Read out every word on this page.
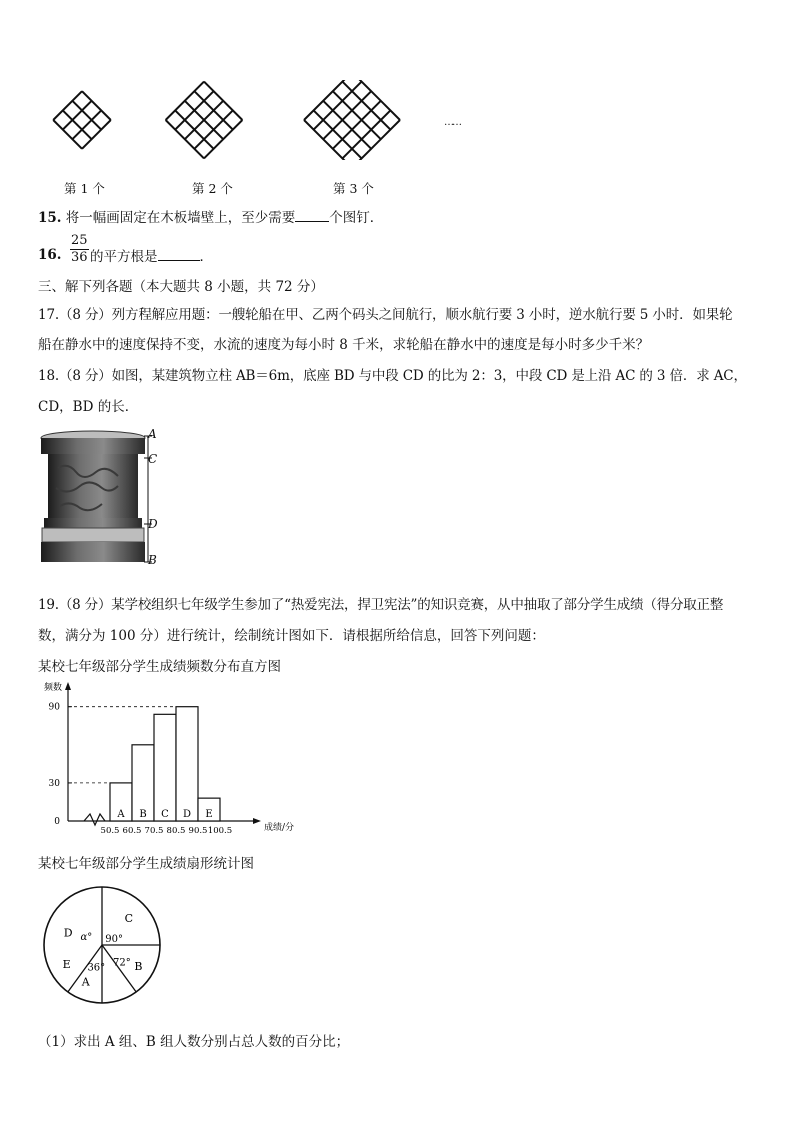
第 1 个	第 2 个	第 3 个
……
15. 将一幅画固定在木板墙壁上，至少需要	个图钉．
16. $\frac{25}{36}$ 的平方根是	．
三、解下列各题（本大题共 8 小题，共 72 分）
17.（8 分）列方程解应用题：一艘轮船在甲、乙两个码头之间航行，顺水航行要 3 小时，逆水航行要 5 小时．如果轮
船在静水中的速度保持不变，水流的速度为每小时 8 千米，求轮船在静水中的速度是每小时多少千米？
18.（8 分）如图，某建筑物立柱 AB＝6m，底座 BD 与中段 CD 的比为 2：3，中段 CD 是上沿 AC 的 3 倍．求 AC，
CD，BD 的长．
A
C
D
B
19.（8 分）某学校组织七年级学生参加了“热爱宪法，捍卫宪法”的知识竞赛，从中抽取了部分学生成绩（得分取正整
数，满分为 100 分）进行统计，绘制统计图如下．请根据所给信息，回答下列问题：
某校七年级部分学生成绩频数分布直方图
频数
成绩/分
0
30
90
A B C D E
50.5 60.5 70.5 80.5 90.5 100.5
某校七年级部分学生成绩扇形统计图
A
B
C
D
E 36° 72°
90°
α°
（1）求出 A 组、B 组人数分别占总人数的百分比；
